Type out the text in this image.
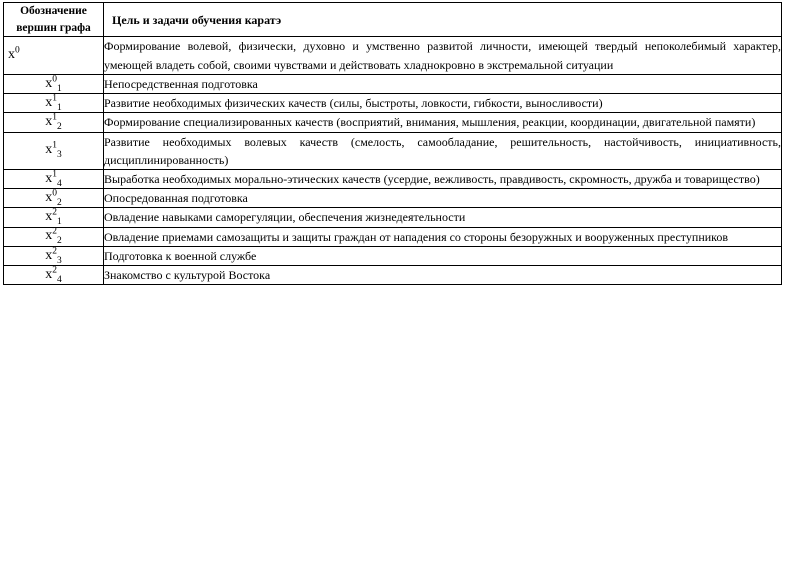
Обозначение вершин графа	Цель и задачи обучения каратэ
$x^0$	Формирование волевой, физически, духовно и умственно развитой личности, имеющей твердый непоколебимый характер, умеющей владеть собой, своими чувствами и действовать хладнокровно в экстремальной ситуации

$x^0_1$	Непосредственная подготовка

$x^1_1$	Развитие необходимых физических качеств (силы, быстроты, ловкости, гибкости, выносливости)

$x^1_2$	Формирование специализированных качеств (восприятий, внимания, мышления, реакции, координации, двигательной памяти)

$x^1_3$	Развитие необходимых волевых качеств (смелость, самообладание, решительность, настойчивость, инициативность, дисциплинированность)

$x^1_4$	Выработка необходимых морально-этических качеств (усердие, вежливость, правдивость, скромность, дружба и товарищество)

$x^0_2$	Опосредованная подготовка

$x^2_1$	Овладение навыками саморегуляции, обеспечения жизнедеятельности

$x^2_2$	Овладение приемами самозащиты и защиты граждан от нападения со стороны безоружных и вооруженных преступников

$x^2_3$	Подготовка к военной службе

$x^2_4$	Знакомство с культурой Востока
